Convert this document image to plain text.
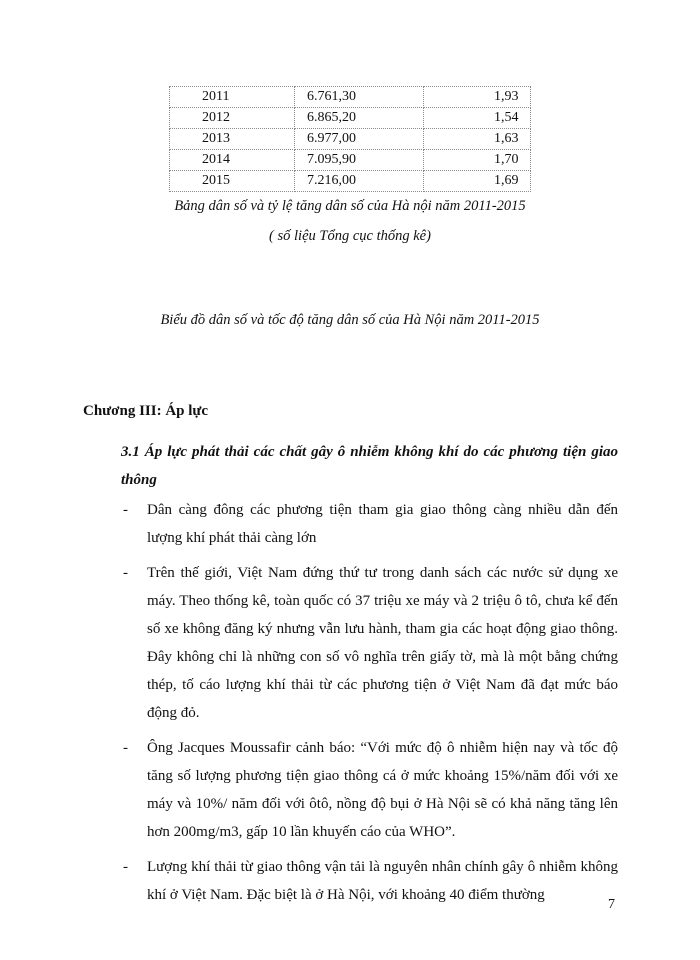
2011	6.761,30	1,93
2012	6.865,20	1,54
2013	6.977,00	1,63
2014	7.095,90	1,70
2015	7.216,00	1,69
Bảng dân số và tỷ lệ tăng dân số của Hà nội năm 2011-2015
( số liệu Tổng cục thống kê)
Biểu đồ dân số và tốc độ tăng dân số của Hà Nội năm 2011-2015
Chương III: Áp lực
3.1 Áp lực phát thải các chất gây ô nhiễm không khí do các phương tiện giao thông
- Dân càng đông các phương tiện tham gia giao thông càng nhiều dẫn đến lượng khí phát thải càng lớn
- Trên thế giới, Việt Nam đứng thứ tư trong danh sách các nước sử dụng xe máy. Theo thống kê, toàn quốc có 37 triệu xe máy và 2 triệu ô tô, chưa kể đến số xe không đăng ký nhưng vẫn lưu hành, tham gia các hoạt động giao thông. Đây không chỉ là những con số vô nghĩa trên giấy tờ, mà là một bằng chứng thép, tố cáo lượng khí thải từ các phương tiện ở Việt Nam đã đạt mức báo động đỏ.
- Ông Jacques Moussafir cảnh báo: “Với mức độ ô nhiễm hiện nay và tốc độ tăng số lượng phương tiện giao thông cá ở mức khoảng 15%/năm đối với xe máy và 10%/ năm đối với ôtô, nồng độ bụi ở Hà Nội sẽ có khả năng tăng lên hơn 200mg/m3, gấp 10 lần khuyến cáo của WHO”.
- Lượng khí thải từ giao thông vận tải là nguyên nhân chính gây ô nhiễm không khí ở Việt Nam. Đặc biệt là ở Hà Nội, với khoảng 40 điểm thường
7
